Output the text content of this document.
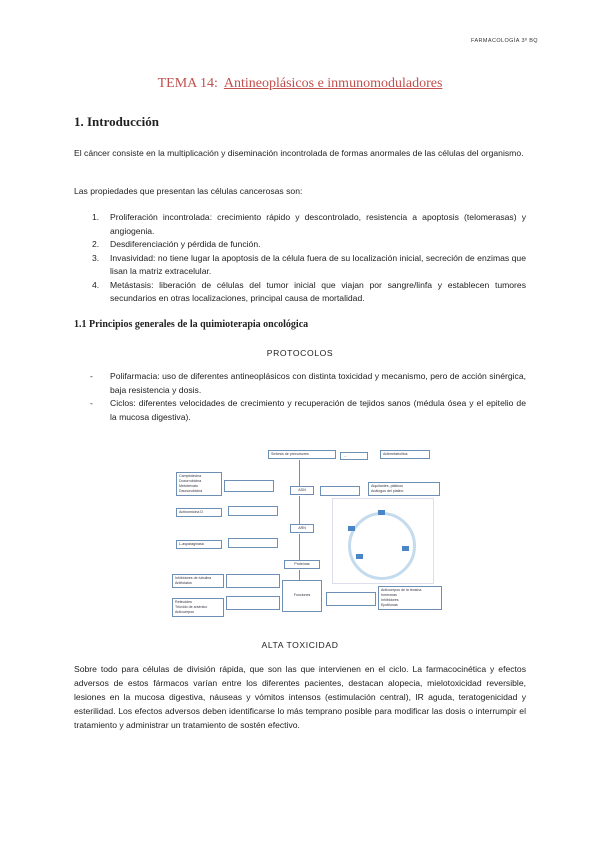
FARMACOLOGÍA 3º BQ
TEMA 14: Antineoplásicos e inmunomoduladores
1. Introducción
El cáncer consiste en la multiplicación y diseminación incontrolada de formas anormales de las células del organismo.
Las propiedades que presentan las células cancerosas son:
1. Proliferación incontrolada: crecimiento rápido y descontrolado, resistencia a apoptosis (telomerasas) y angiogenia.
2. Desdiferenciación y pérdida de función.
3. Invasividad: no tiene lugar la apoptosis de la célula fuera de su localización inicial, secreción de enzimas que lisan la matriz extracelular.
4. Metástasis: liberación de células del tumor inicial que viajan por sangre/linfa y establecen tumores secundarios en otras localizaciones, principal causa de mortalidad.
1.1 Principios generales de la quimioterapia oncológica
PROTOCOLOS
- Polifarmacia: uso de diferentes antineoplásicos con distinta toxicidad y mecanismo, pero de acción sinérgica, baja resistencia y dosis.
- Ciclos: diferentes velocidades de crecimiento y recuperación de tejidos sanos (médula ósea y el epitelio de la mucosa digestiva).
Síntesis de precursores	→	Antimetabolitos
Camptotecina
Doxorrubicina
Metotrexato
Daunorubicina	ADN
Alquilantes, platinos
Análogos del platino
Actinomicina D
ARN
L-asparaginasa
Proteínas
Inhibidores de tubulina
Antifolatos
Funciones
Retinoides
Trióxido de arsénico
Anticuerpos
Anticuerpos de la tirosina
hormonas
Inhibidores
Epotilonas
ALTA TOXICIDAD
Sobre todo para células de división rápida, que son las que intervienen en el ciclo. La farmacocinética y efectos adversos de estos fármacos varían entre los diferentes pacientes, destacan alopecia, mielotoxicidad reversible, lesiones en la mucosa digestiva, náuseas y vómitos intensos (estimulación central), IR aguda, teratogenicidad y esterilidad. Los efectos adversos deben identificarse lo más temprano posible para modificar las dosis o interrumpir el tratamiento y administrar un tratamiento de sostén efectivo.
